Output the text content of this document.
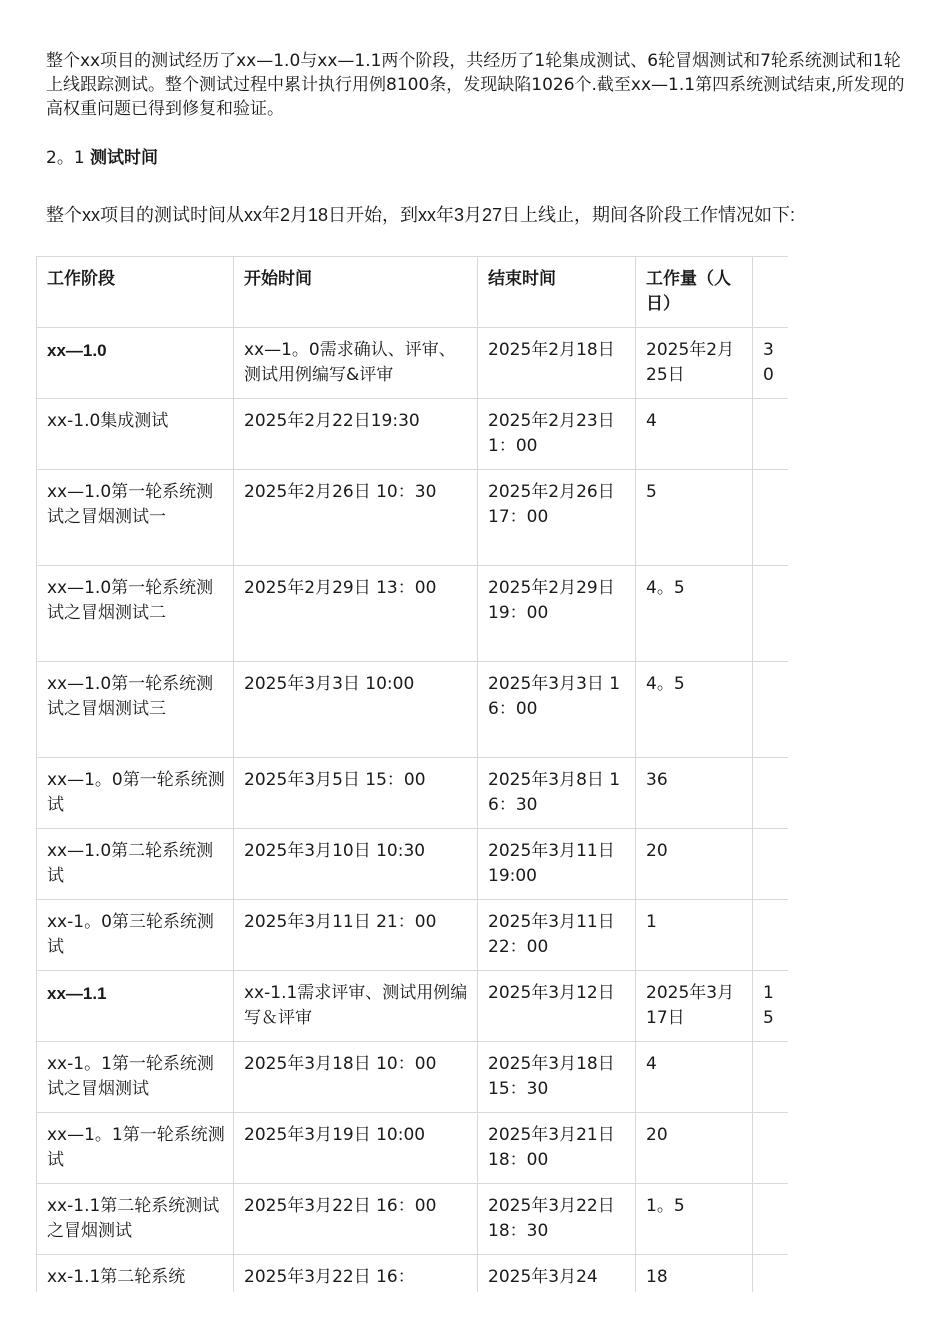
整个xx项目的测试经历了xx—1.0与xx—1.1两个阶段，共经历了1轮集成测试、6轮冒烟测试和7轮系统测试和1轮上线跟踪测试。整个测试过程中累计执行用例8100条，发现缺陷1026个.截至xx—1.1第四系统测试结束,所发现的高权重问题已得到修复和验证。

2。1 测试时间

整个xx项目的测试时间从xx年2月18日开始，到xx年3月27日上线止，期间各阶段工作情况如下:

工作阶段	开始时间	结束时间	工作量（人日）	
xx—1.0	xx—1。0需求确认、评审、测试用例编写&评审	2025年2月18日	2025年2月25日	30
xx-1.0集成测试	2025年2月22日19:30	2025年2月23日 1：00	4	
xx—1.0第一轮系统测试之冒烟测试一	2025年2月26日 10：30	2025年2月26日 17：00	5	
xx—1.0第一轮系统测试之冒烟测试二	2025年2月29日 13：00	2025年2月29日 19：00	4。5	
xx—1.0第一轮系统测试之冒烟测试三	2025年3月3日 10:00	2025年3月3日 16：00	4。5	
xx—1。0第一轮系统测试	2025年3月5日 15：00	2025年3月8日 16：30	36	
xx—1.0第二轮系统测试	2025年3月10日 10:30	2025年3月11日 19:00	20	
xx-1。0第三轮系统测试	2025年3月11日 21：00	2025年3月11日 22：00	1	
xx—1.1	xx-1.1需求评审、测试用例编写＆评审	2025年3月12日	2025年3月17日	15
xx-1。1第一轮系统测试之冒烟测试	2025年3月18日 10：00	2025年3月18日 15：30	4	
xx—1。1第一轮系统测试	2025年3月19日 10:00	2025年3月21日 18：00	20	
xx-1.1第二轮系统测试之冒烟测试	2025年3月22日 16：00	2025年3月22日 18：30	1。5	
xx-1.1第二轮系统	2025年3月22日 16：	2025年3月24	18	
